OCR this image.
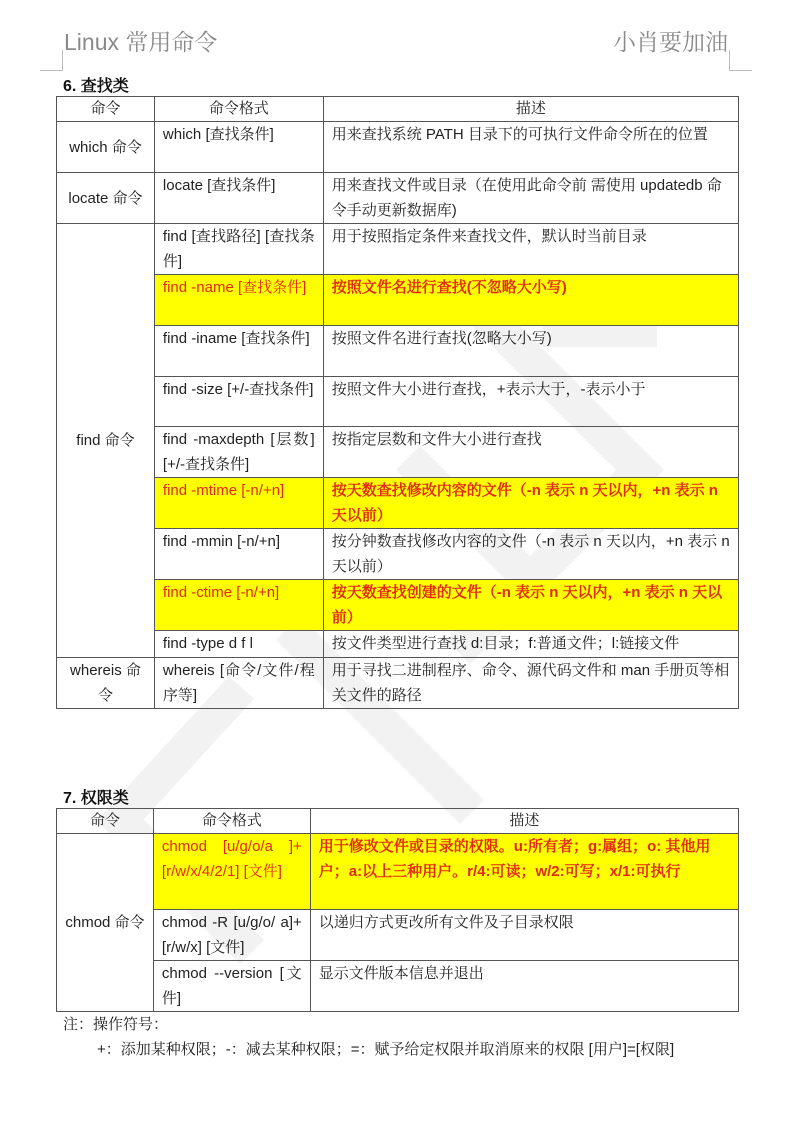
Linux 常用命令	小肖要加油
6. 查找类
命令	命令格式	描述
which 命令	which [查找条件]	用来查找系统 PATH 目录下的可执行文件命令所在的位置
locate 命令	locate [查找条件]	用来查找文件或目录（在使用此命令前 需使用 updatedb 命令手动更新数据库)
find 命令	find [查找路径] [查找条件]	用于按照指定条件来查找文件，默认时当前目录
	find -name [查找条件]	按照文件名进行查找(不忽略大小写)
	find -iname [查找条件]	按照文件名进行查找(忽略大小写)
	find -size [+/-查找条件]	按照文件大小进行查找，+表示大于，-表示小于
	find -maxdepth [层数] [+/-查找条件]	按指定层数和文件大小进行查找
	find -mtime [-n/+n]	按天数查找修改内容的文件（-n 表示 n 天以内，+n 表示 n 天以前）
	find -mmin [-n/+n]	按分钟数查找修改内容的文件（-n 表示 n 天以内，+n 表示 n 天以前）
	find -ctime [-n/+n]	按天数查找创建的文件（-n 表示 n 天以内，+n 表示 n 天以前）
	find -type d f l	按文件类型进行查找 d:目录；f:普通文件；l:链接文件
whereis 命令	whereis [命令/文件/程序等]	用于寻找二进制程序、命令、源代码文件和 man 手册页等相关文件的路径
7. 权限类
命令	命令格式	描述
chmod 命令	chmod [u/g/o/a ]+[r/w/x/4/2/1] [文件]	用于修改文件或目录的权限。u:所有者；g:属组；o: 其他用户；a:以上三种用户。r/4:可读；w/2:可写；x/1:可执行
	chmod -R [u/g/o/ a]+[r/w/x] [文件]	以递归方式更改所有文件及子目录权限
	chmod --version [文件]	显示文件版本信息并退出
注：操作符号：
+：添加某种权限；-：减去某种权限；=：赋予给定权限并取消原来的权限 [用户]=[权限]
